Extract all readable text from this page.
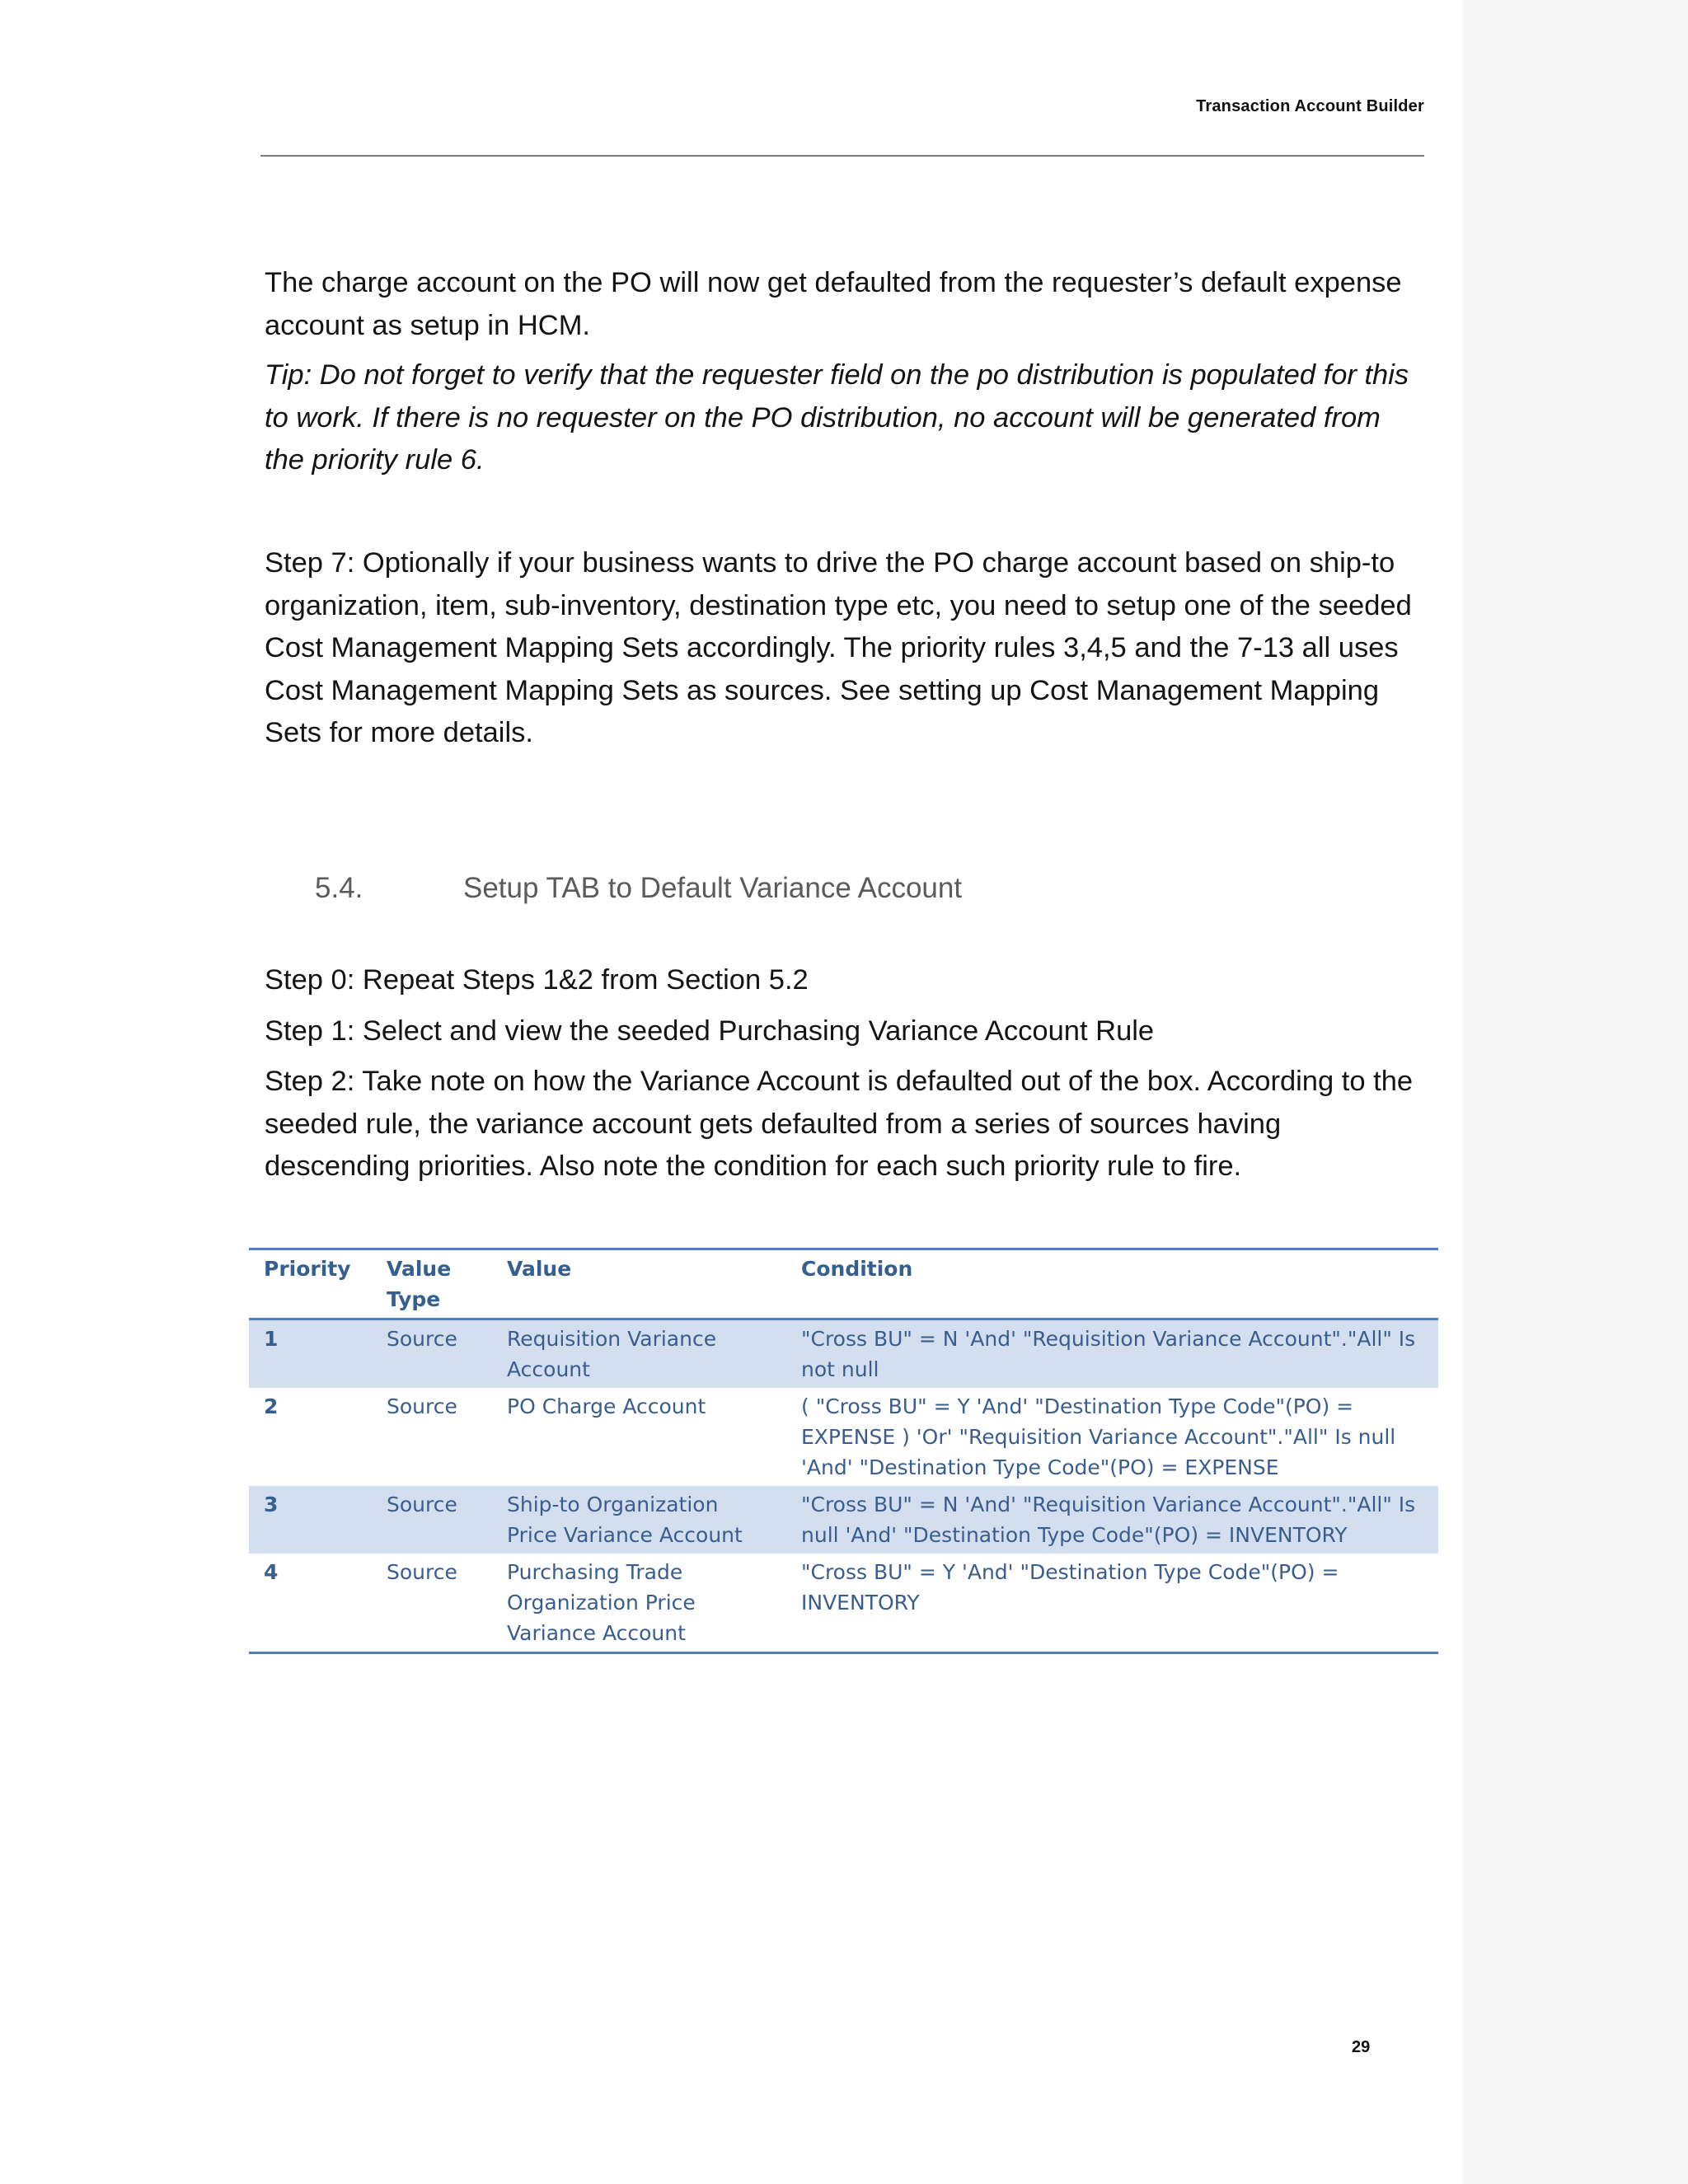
Transaction Account Builder

The charge account on the PO will now get defaulted from the requester’s default expense account as setup in HCM.

Tip: Do not forget to verify that the requester field on the po distribution is populated for this to work. If there is no requester on the PO distribution, no account will be generated from the priority rule 6.

Step 7: Optionally if your business wants to drive the PO charge account based on ship-to organization, item, sub-inventory, destination type etc, you need to setup one of the seeded Cost Management Mapping Sets accordingly. The priority rules 3,4,5 and the 7-13 all uses Cost Management Mapping Sets as sources. See setting up Cost Management Mapping Sets for more details.

5.4.	Setup TAB to Default Variance Account

Step 0: Repeat Steps 1&2 from Section 5.2

Step 1: Select and view the seeded Purchasing Variance Account Rule

Step 2: Take note on how the Variance Account is defaulted out of the box. According to the seeded rule, the variance account gets defaulted from a series of sources having descending priorities. Also note the condition for each such priority rule to fire.

Priority	Value Type	Value	Condition
1	Source	Requisition Variance Account	"Cross BU" = N 'And' "Requisition Variance Account"."All" Is not null
2	Source	PO Charge Account	( "Cross BU" = Y 'And' "Destination Type Code"(PO) = EXPENSE ) 'Or' "Requisition Variance Account"."All" Is null 'And' "Destination Type Code"(PO) = EXPENSE
3	Source	Ship-to Organization Price Variance Account	"Cross BU" = N 'And' "Requisition Variance Account"."All" Is null 'And' "Destination Type Code"(PO) = INVENTORY
4	Source	Purchasing Trade Organization Price Variance Account	"Cross BU" = Y 'And' "Destination Type Code"(PO) = INVENTORY
29
